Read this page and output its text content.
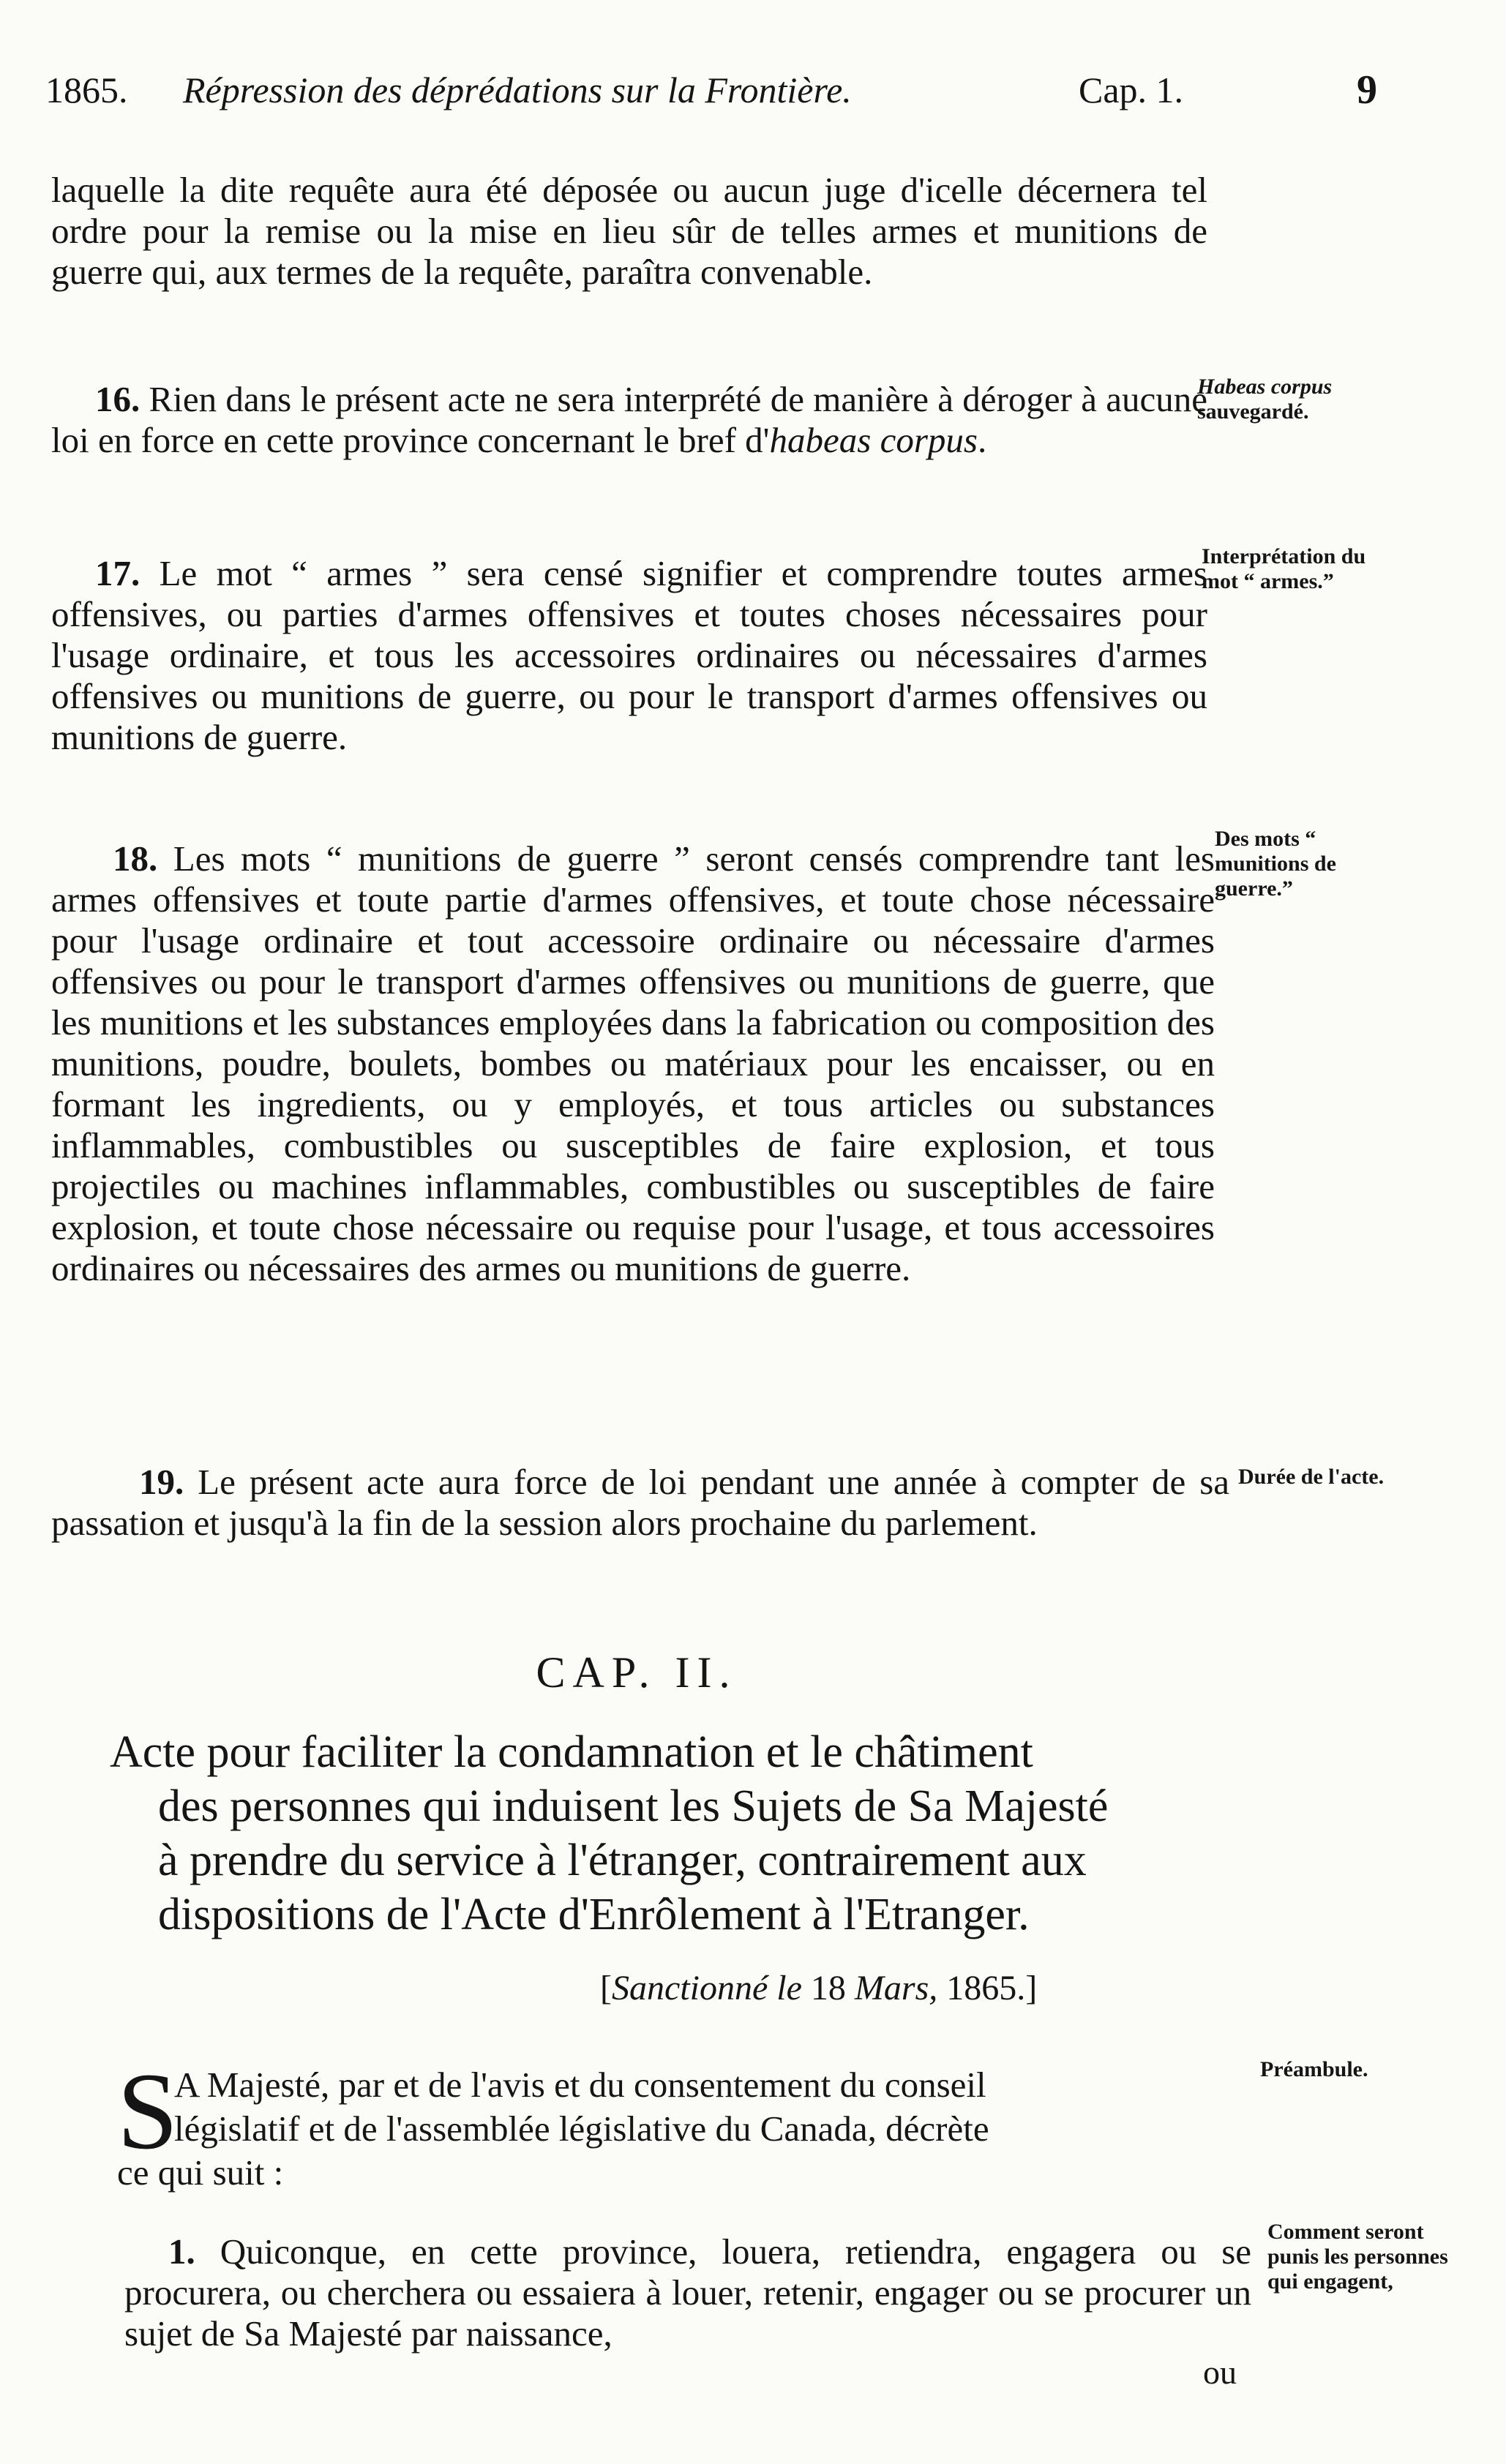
1865. Répression des déprédations sur la Frontière.	Cap. 1.	9

laquelle la dite requête aura été déposée ou aucun juge d'icelle décernera tel ordre pour la remise ou la mise en lieu sûr de telles armes et munitions de guerre qui, aux termes de la requête, paraîtra convenable.

16. Rien dans le présent acte ne sera interprété de manière à déroger à aucune loi en force en cette province concernant le bref d'habeas corpus.

Habeas corpus
sauvegardé.

17. Le mot “ armes ” sera censé signifier et comprendre toutes armes offensives, ou parties d'armes offensives et toutes choses nécessaires pour l'usage ordinaire, et tous les accessoires ordinaires ou nécessaires d'armes offensives ou munitions de guerre, ou pour le transport d'armes offensives ou munitions de guerre.

Interprétation du mot “ armes.”

18. Les mots “ munitions de guerre ” seront censés comprendre tant les armes offensives et toute partie d'armes offensives, et toute chose nécessaire pour l'usage ordinaire et tout accessoire ordinaire ou nécessaire d'armes offensives ou pour le transport d'armes offensives ou munitions de guerre, que les munitions et les substances employées dans la fabrication ou composition des munitions, poudre, boulets, bombes ou matériaux pour les encaisser, ou en formant les ingredients, ou y employés, et tous articles ou substances inflammables, combustibles ou susceptibles de faire explosion, et tous projectiles ou machines inflammables, combustibles ou susceptibles de faire explosion, et toute chose nécessaire ou requise pour l'usage, et tous accessoires ordinaires ou nécessaires des armes ou munitions de guerre.

Des mots “ munitions de guerre.”

19. Le présent acte aura force de loi pendant une année à compter de sa passation et jusqu'à la fin de la session alors prochaine du parlement.

Durée de l'acte.
CAP. II.
Acte pour faciliter la condamnation et le châtiment
des personnes qui induisent les Sujets de Sa Majesté
à prendre du service à l'étranger, contrairement aux
dispositions de l'Acte d'Enrôlement à l'Etranger.
[Sanctionné le 18 Mars, 1865.]
S

A Majesté, par et de l'avis et du consentement du conseil
législatif et de l'assemblée législative du Canada, décrète
ce qui suit :

Préambule.

1. Quiconque, en cette province, louera, retiendra, engagera ou se procurera, ou cherchera ou essaiera à louer, retenir, engager ou se procurer un sujet de Sa Majesté par naissance,

ou
Comment seront punis les personnes qui engagent,
